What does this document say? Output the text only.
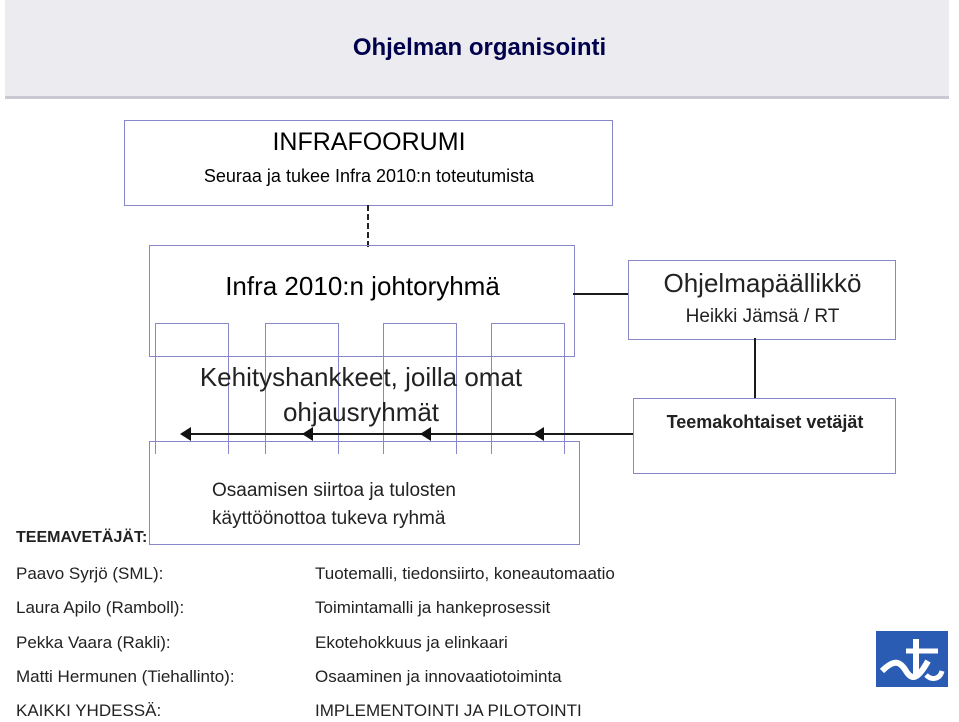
Ohjelman organisointi
INFRAFOORUMI
Seuraa ja tukee Infra 2010:n toteutumista
Infra 2010:n johtoryhmä
Kehityshankkeet, joilla omat
ohjausryhmät
Ohjelmapäällikkö
Heikki Jämsä / RT
Teemakohtaiset vetäjät
Osaamisen siirtoa ja tulosten
käyttöönottoa tukeva ryhmä
TEEMAVETÄJÄT:
Paavo Syrjö (SML):	Tuotemalli, tiedonsiirto, koneautomaatio
Laura Apilo (Ramboll):	Toimintamalli ja hankeprosessit
Pekka Vaara (Rakli):	Ekotehokkuus ja elinkaari
Matti Hermunen (Tiehallinto):	Osaaminen ja innovaatiotoiminta
KAIKKI YHDESSÄ:	IMPLEMENTOINTI JA PILOTOINTI
